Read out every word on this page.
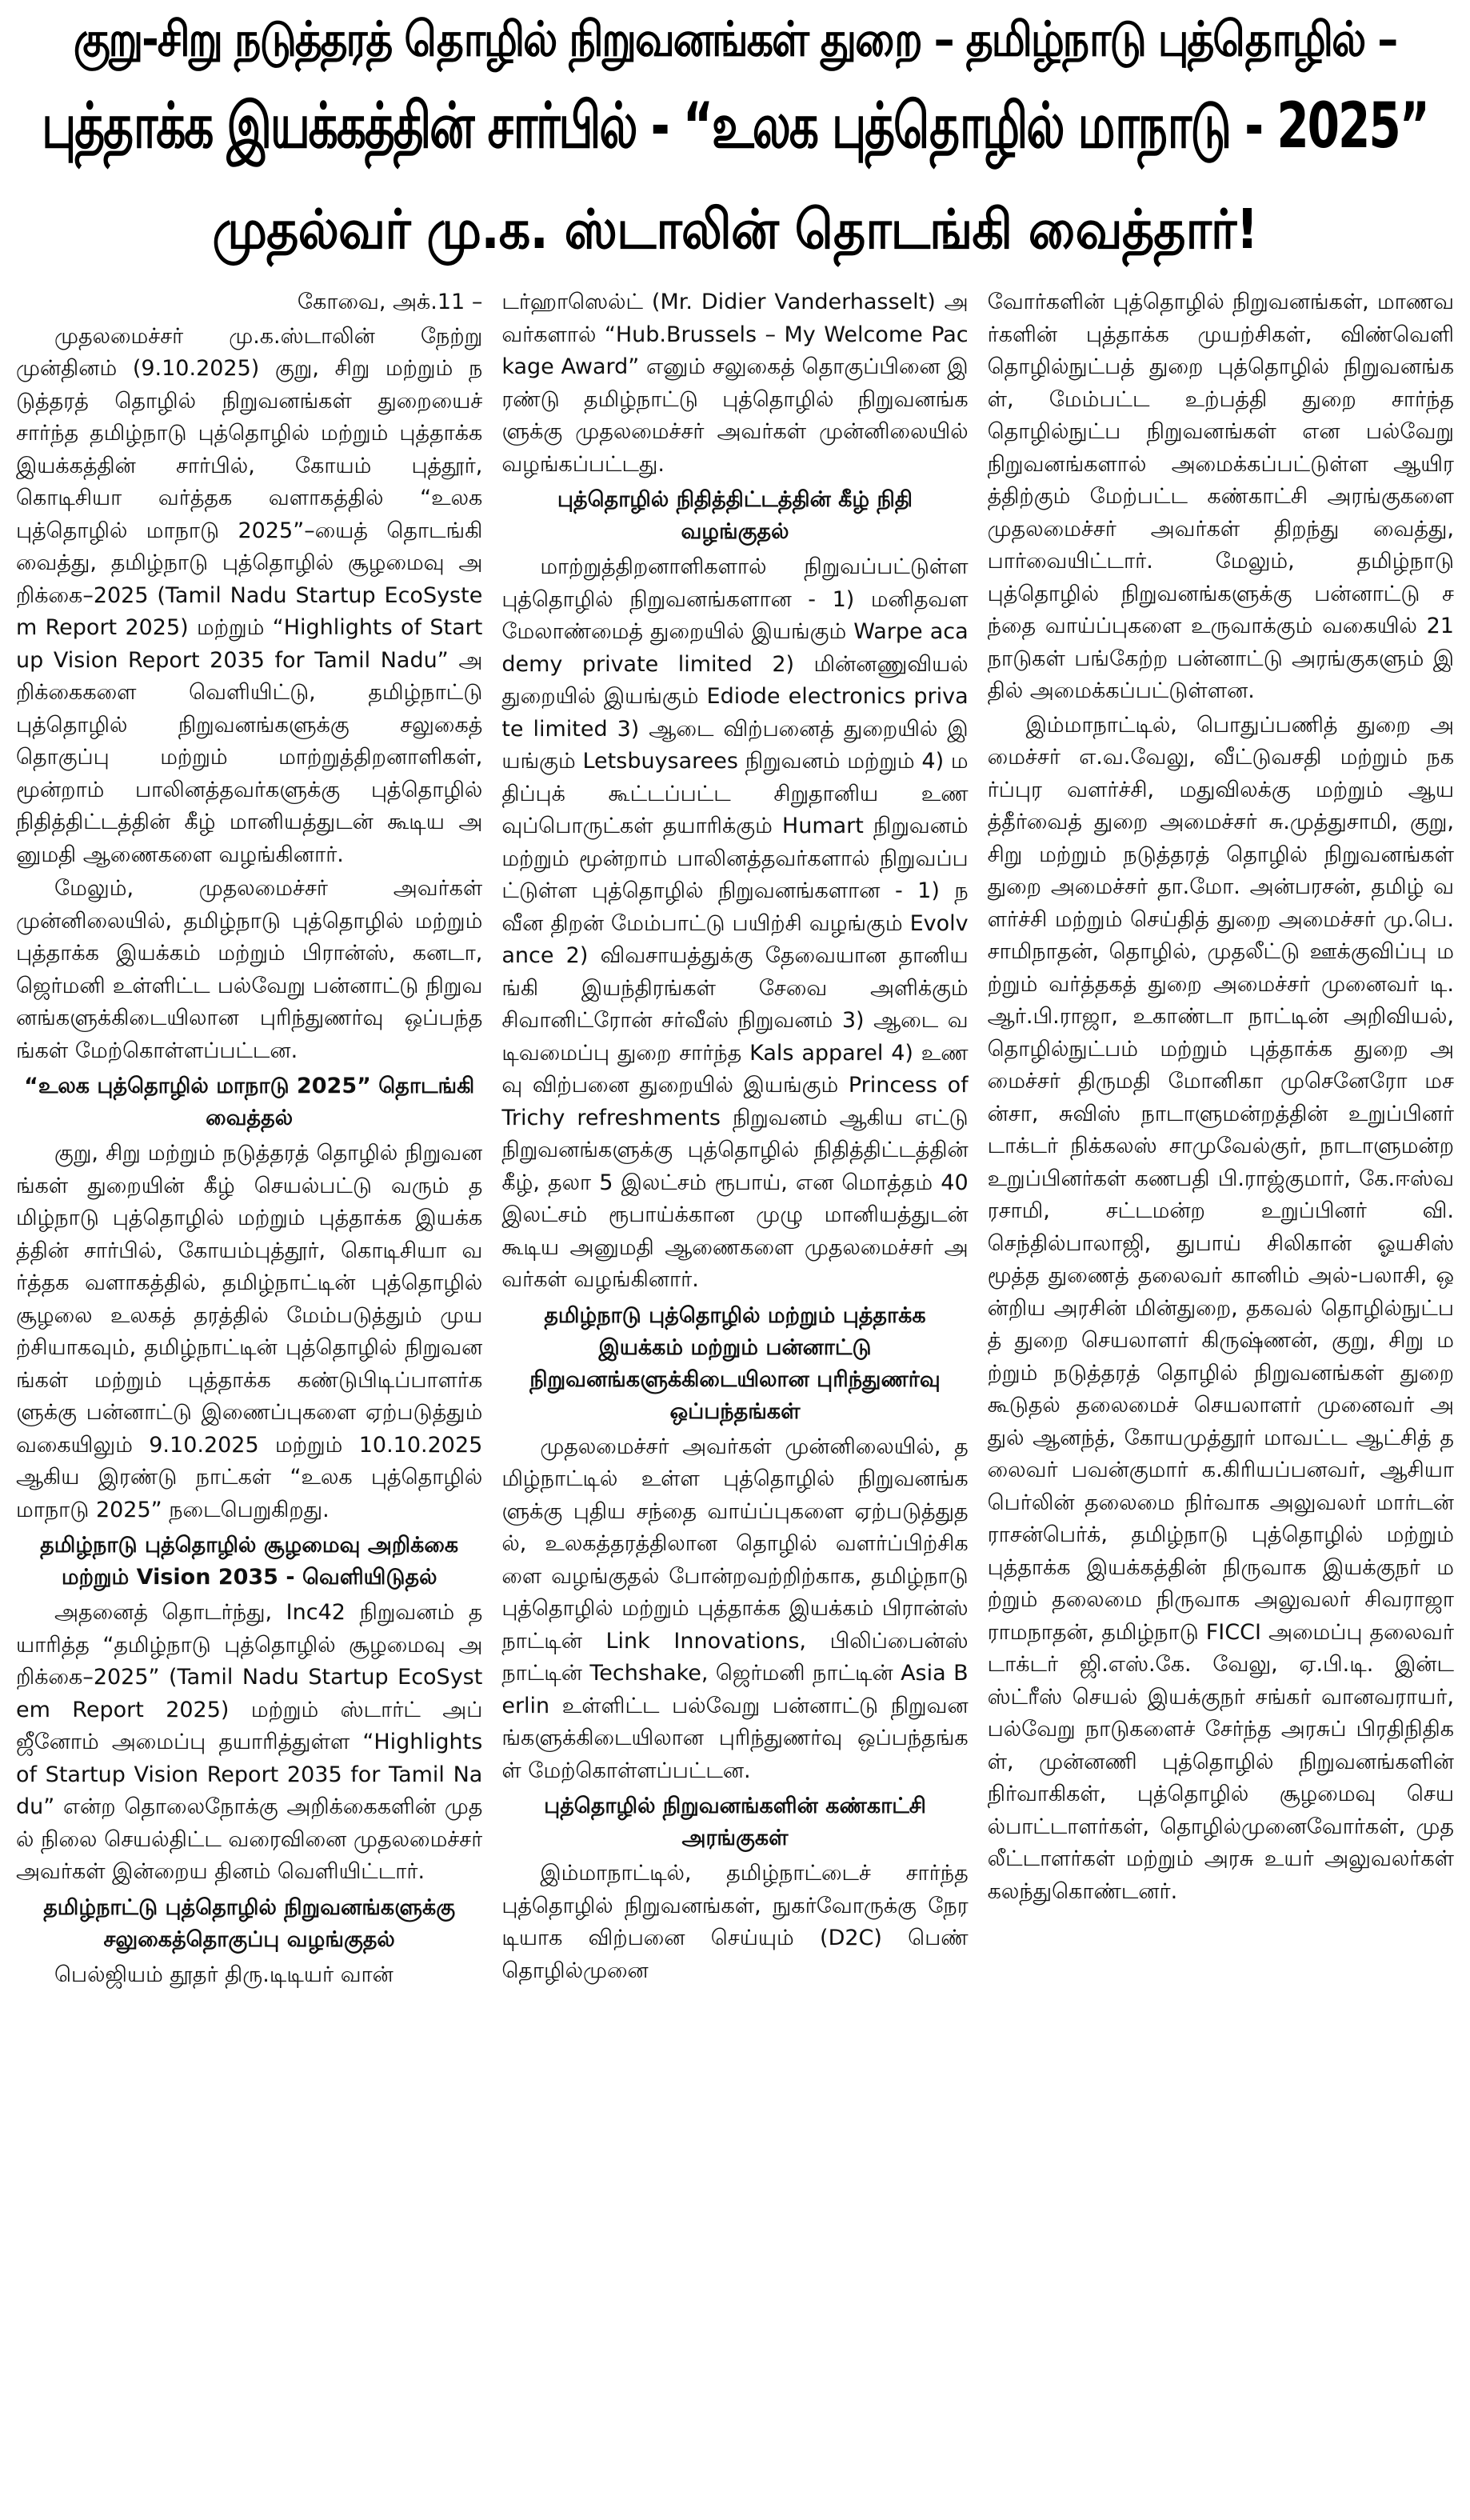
குறு-சிறு நடுத்தரத் தொழில் நிறுவனங்கள் துறை – தமிழ்நாடு புத்தொழில் –
புத்தாக்க இயக்கத்தின் சார்பில் - “உலக புத்தொழில் மாநாடு - 2025”
முதல்வர் மு.க. ஸ்டாலின் தொடங்கி வைத்தார்!

கோவை, அக்.11 –

முதலமைச்சர் மு.க.ஸ்டாலின் நேற்று முன்தினம் (9.10.2025) குறு, சிறு மற்றும் நடுத்தரத் தொழில் நிறுவனங்கள் துறையைச் சார்ந்த தமிழ்நாடு புத்தொழில் மற்றும் புத்தாக்க இயக்கத்தின் சார்பில், கோயம் புத்தூர், கொடிசியா வர்த்தக வளாகத்தில் “உலக புத்தொழில் மாநாடு 2025”–யைத் தொடங்கி வைத்து, தமிழ்நாடு புத்தொழில் சூழமைவு அறிக்கை–2025 (Tamil Nadu Startup EcoSystem Report 2025) மற்றும் “Highlights of Startup Vision Report 2035 for Tamil Nadu” அறிக்கைகளை வெளியிட்டு, தமிழ்நாட்டு புத்தொழில் நிறுவனங்களுக்கு சலுகைத் தொகுப்பு மற்றும் மாற்றுத்திறனாளிகள், மூன்றாம் பாலினத்தவர்களுக்கு புத்தொழில் நிதித்திட்டத்தின் கீழ் மானியத்துடன் கூடிய அனுமதி ஆணைகளை வழங்கினார்.

மேலும், முதலமைச்சர் அவர்கள் முன்னிலையில், தமிழ்நாடு புத்தொழில் மற்றும் புத்தாக்க இயக்கம் மற்றும் பிரான்ஸ், கனடா, ஜெர்மனி உள்ளிட்ட பல்வேறு பன்னாட்டு நிறுவனங்களுக்கிடையிலான புரிந்துணர்வு ஒப்பந்தங்கள் மேற்கொள்ளப்பட்டன.

“உலக புத்தொழில் மாநாடு 2025” தொடங்கி வைத்தல்

குறு, சிறு மற்றும் நடுத்தரத் தொழில் நிறுவனங்கள் துறையின் கீழ் செயல்பட்டு வரும் தமிழ்நாடு புத்தொழில் மற்றும் புத்தாக்க இயக்கத்தின் சார்பில், கோயம்புத்தூர், கொடிசியா வர்த்தக வளாகத்தில், தமிழ்நாட்டின் புத்தொழில் சூழலை உலகத் தரத்தில் மேம்படுத்தும் முயற்சியாகவும், தமிழ்நாட்டின் புத்தொழில் நிறுவனங்கள் மற்றும் புத்தாக்க கண்டுபிடிப்பாளர்களுக்கு பன்னாட்டு இணைப்புகளை ஏற்படுத்தும் வகையிலும் 9.10.2025 மற்றும் 10.10.2025 ஆகிய இரண்டு நாட்கள் “உலக புத்தொழில் மாநாடு 2025” நடைபெறுகிறது.

தமிழ்நாடு புத்தொழில் சூழமைவு அறிக்கை மற்றும் Vision 2035 - வெளியிடுதல்

அதனைத் தொடர்ந்து, Inc42 நிறுவனம் தயாரித்த “தமிழ்நாடு புத்தொழில் சூழமைவு அறிக்கை–2025” (Tamil Nadu Startup EcoSystem Report 2025) மற்றும் ஸ்டார்ட் அப் ஜீனோம் அமைப்பு தயாரித்துள்ள “Highlights of Startup Vision Report 2035 for Tamil Nadu” என்ற தொலைநோக்கு அறிக்கைகளின் முதல் நிலை செயல்திட்ட வரைவினை முதலமைச்சர் அவர்கள் இன்றைய தினம் வெளியிட்டார்.

தமிழ்நாட்டு புத்தொழில் நிறுவனங்களுக்கு சலுகைத்தொகுப்பு வழங்குதல்

பெல்ஜியம் தூதர் திரு.டிடியர் வான்

டர்ஹாஸெல்ட் (Mr. Didier Vanderhasselt) அவர்களால் “Hub.Brussels – My Welcome Package Award” எனும் சலுகைத் தொகுப்பினை இரண்டு தமிழ்நாட்டு புத்தொழில் நிறுவனங்களுக்கு முதலமைச்சர் அவர்கள் முன்னிலையில் வழங்கப்பட்டது.

புத்தொழில் நிதித்திட்டத்தின் கீழ் நிதி வழங்குதல்

மாற்றுத்திறனாளிகளால் நிறுவப்பட்டுள்ள புத்தொழில் நிறுவனங்களான - 1) மனிதவள மேலாண்மைத் துறையில் இயங்கும் Warpe academy private limited 2) மின்னணுவியல் துறையில் இயங்கும் Ediode electronics private limited 3) ஆடை விற்பனைத் துறையில் இயங்கும் Letsbuysarees நிறுவனம் மற்றும் 4) மதிப்புக் கூட்டப்பட்ட சிறுதானிய உணவுப்பொருட்கள் தயாரிக்கும் Humart நிறுவனம் மற்றும் மூன்றாம் பாலினத்தவர்களால் நிறுவப்பட்டுள்ள புத்தொழில் நிறுவனங்களான - 1) நவீன திறன் மேம்பாட்டு பயிற்சி வழங்கும் Evolvance 2) விவசாயத்துக்கு தேவையான தானியங்கி இயந்திரங்கள் சேவை அளிக்கும் சிவானிட்ரோன் சர்வீஸ் நிறுவனம் 3) ஆடை வடிவமைப்பு துறை சார்ந்த Kals apparel 4) உணவு விற்பனை துறையில் இயங்கும் Princess of Trichy refreshments நிறுவனம் ஆகிய எட்டு நிறுவனங்களுக்கு புத்தொழில் நிதித்திட்டத்தின் கீழ், தலா 5 இலட்சம் ரூபாய், என மொத்தம் 40 இலட்சம் ரூபாய்க்கான முழு மானியத்துடன் கூடிய அனுமதி ஆணைகளை முதலமைச்சர் அவர்கள் வழங்கினார்.

தமிழ்நாடு புத்தொழில் மற்றும் புத்தாக்க இயக்கம் மற்றும் பன்னாட்டு நிறுவனங்களுக்கிடையிலான புரிந்துணர்வு ஒப்பந்தங்கள்

முதலமைச்சர் அவர்கள் முன்னிலையில், தமிழ்நாட்டில் உள்ள புத்தொழில் நிறுவனங்களுக்கு புதிய சந்தை வாய்ப்புகளை ஏற்படுத்துதல், உலகத்தரத்திலான தொழில் வளர்ப்பிற்சிகளை வழங்குதல் போன்றவற்றிற்காக, தமிழ்நாடு புத்தொழில் மற்றும் புத்தாக்க இயக்கம் பிரான்ஸ் நாட்டின் Link Innovations, பிலிப்பைன்ஸ் நாட்டின் Techshake, ஜெர்மனி நாட்டின் Asia Berlin உள்ளிட்ட பல்வேறு பன்னாட்டு நிறுவனங்களுக்கிடையிலான புரிந்துணர்வு ஒப்பந்தங்கள் மேற்கொள்ளப்பட்டன.

புத்தொழில் நிறுவனங்களின் கண்காட்சி அரங்குகள்

இம்மாநாட்டில், தமிழ்நாட்டைச் சார்ந்த புத்தொழில் நிறுவனங்கள், நுகர்வோருக்கு நேரடியாக விற்பனை செய்யும் (D2C) பெண் தொழில்முனை

வோர்களின் புத்தொழில் நிறுவனங்கள், மாணவர்களின் புத்தாக்க முயற்சிகள், விண்வெளி தொழில்நுட்பத் துறை புத்தொழில் நிறுவனங்கள், மேம்பட்ட உற்பத்தி துறை சார்ந்த தொழில்நுட்ப நிறுவனங்கள் என பல்வேறு நிறுவனங்களால் அமைக்கப்பட்டுள்ள ஆயிரத்திற்கும் மேற்பட்ட கண்காட்சி அரங்குகளை முதலமைச்சர் அவர்கள் திறந்து வைத்து, பார்வையிட்டார். மேலும், தமிழ்நாடு புத்தொழில் நிறுவனங்களுக்கு பன்னாட்டு சந்தை வாய்ப்புகளை உருவாக்கும் வகையில் 21 நாடுகள் பங்கேற்ற பன்னாட்டு அரங்குகளும் இதில் அமைக்கப்பட்டுள்ளன.

இம்மாநாட்டில், பொதுப்பணித் துறை அமைச்சர் எ.வ.வேலு, வீட்டுவசதி மற்றும் நகர்ப்புர வளர்ச்சி, மதுவிலக்கு மற்றும் ஆயத்தீர்வைத் துறை அமைச்சர் சு.முத்துசாமி, குறு, சிறு மற்றும் நடுத்தரத் தொழில் நிறுவனங்கள் துறை அமைச்சர் தா.மோ. அன்பரசன், தமிழ் வளர்ச்சி மற்றும் செய்தித் துறை அமைச்சர் மு.பெ.சாமிநாதன், தொழில், முதலீட்டு ஊக்குவிப்பு மற்றும் வர்த்தகத் துறை அமைச்சர் முனைவர் டி.ஆர்.பி.ராஜா, உகாண்டா நாட்டின் அறிவியல், தொழில்நுட்பம் மற்றும் புத்தாக்க துறை அமைச்சர் திருமதி மோனிகா முசெனேரோ மசன்சா, சுவிஸ் நாடாளுமன்றத்தின் உறுப்பினர் டாக்டர் நிக்கலஸ் சாமுவேல்குர், நாடாளுமன்ற உறுப்பினர்கள் கணபதி பி.ராஜ்குமார், கே.ஈஸ்வரசாமி, சட்டமன்ற உறுப்பினர் வி.செந்தில்பாலாஜி, துபாய் சிலிகான் ஓயசிஸ் மூத்த துணைத் தலைவர் கானிம் அல்-பலாசி, ஒன்றிய அரசின் மின்துறை, தகவல் தொழில்நுட்பத் துறை செயலாளர் கிருஷ்ணன், குறு, சிறு மற்றும் நடுத்தரத் தொழில் நிறுவனங்கள் துறை கூடுதல் தலைமைச் செயலாளர் முனைவர் அதுல் ஆனந்த், கோயமுத்தூர் மாவட்ட ஆட்சித் தலைவர் பவன்குமார் க.கிரியப்பனவர், ஆசியா பெர்லின் தலைமை நிர்வாக அலுவலர் மார்டன் ராசன்பெர்க், தமிழ்நாடு புத்தொழில் மற்றும் புத்தாக்க இயக்கத்தின் நிருவாக இயக்குநர் மற்றும் தலைமை நிருவாக அலுவலர் சிவராஜா ராமநாதன், தமிழ்நாடு FICCI அமைப்பு தலைவர் டாக்டர் ஜி.எஸ்.கே. வேலு, ஏ.பி.டி. இன்டஸ்ட்ரீஸ் செயல் இயக்குநர் சங்கர் வானவராயர், பல்வேறு நாடுகளைச் சேர்ந்த அரசுப் பிரதிநிதிகள், முன்னணி புத்தொழில் நிறுவனங்களின் நிர்வாகிகள், புத்தொழில் சூழமைவு செயல்பாட்டாளர்கள், தொழில்முனைவோர்கள், முதலீட்டாளர்கள் மற்றும் அரசு உயர் அலுவலர்கள் கலந்துகொண்டனர்.
